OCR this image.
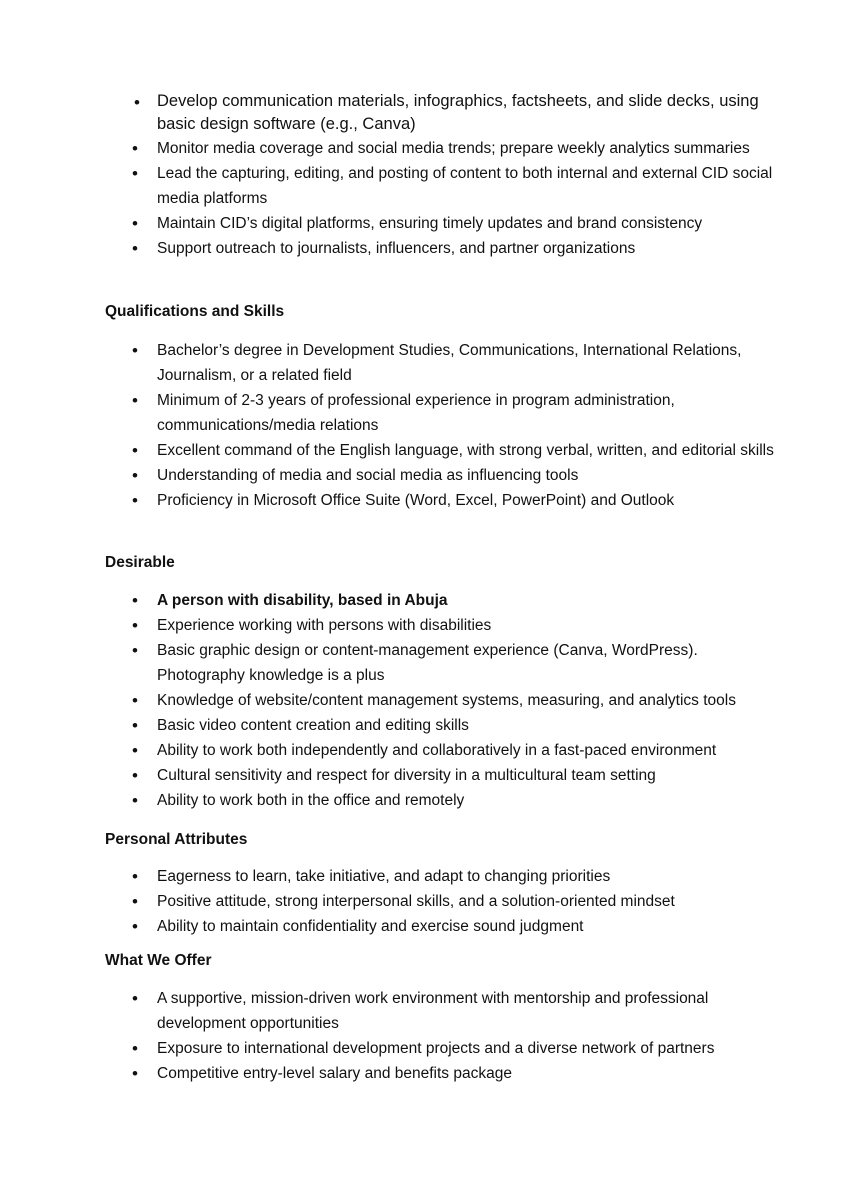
• Develop communication materials, infographics, factsheets, and slide decks, using basic design software (e.g., Canva)
• Monitor media coverage and social media trends; prepare weekly analytics summaries
• Lead the capturing, editing, and posting of content to both internal and external CID social media platforms
• Maintain CID’s digital platforms, ensuring timely updates and brand consistency
• Support outreach to journalists, influencers, and partner organizations
Qualifications and Skills
• Bachelor’s degree in Development Studies, Communications, International Relations, Journalism, or a related field
• Minimum of 2-3 years of professional experience in program administration, communications/media relations
• Excellent command of the English language, with strong verbal, written, and editorial skills
• Understanding of media and social media as influencing tools
• Proficiency in Microsoft Office Suite (Word, Excel, PowerPoint) and Outlook
Desirable
• A person with disability, based in Abuja
• Experience working with persons with disabilities
• Basic graphic design or content-management experience (Canva, WordPress). Photography knowledge is a plus
• Knowledge of website/content management systems, measuring, and analytics tools
• Basic video content creation and editing skills
• Ability to work both independently and collaboratively in a fast-paced environment
• Cultural sensitivity and respect for diversity in a multicultural team setting
• Ability to work both in the office and remotely
Personal Attributes
• Eagerness to learn, take initiative, and adapt to changing priorities
• Positive attitude, strong interpersonal skills, and a solution-oriented mindset
• Ability to maintain confidentiality and exercise sound judgment
What We Offer
• A supportive, mission-driven work environment with mentorship and professional development opportunities
• Exposure to international development projects and a diverse network of partners
• Competitive entry-level salary and benefits package
